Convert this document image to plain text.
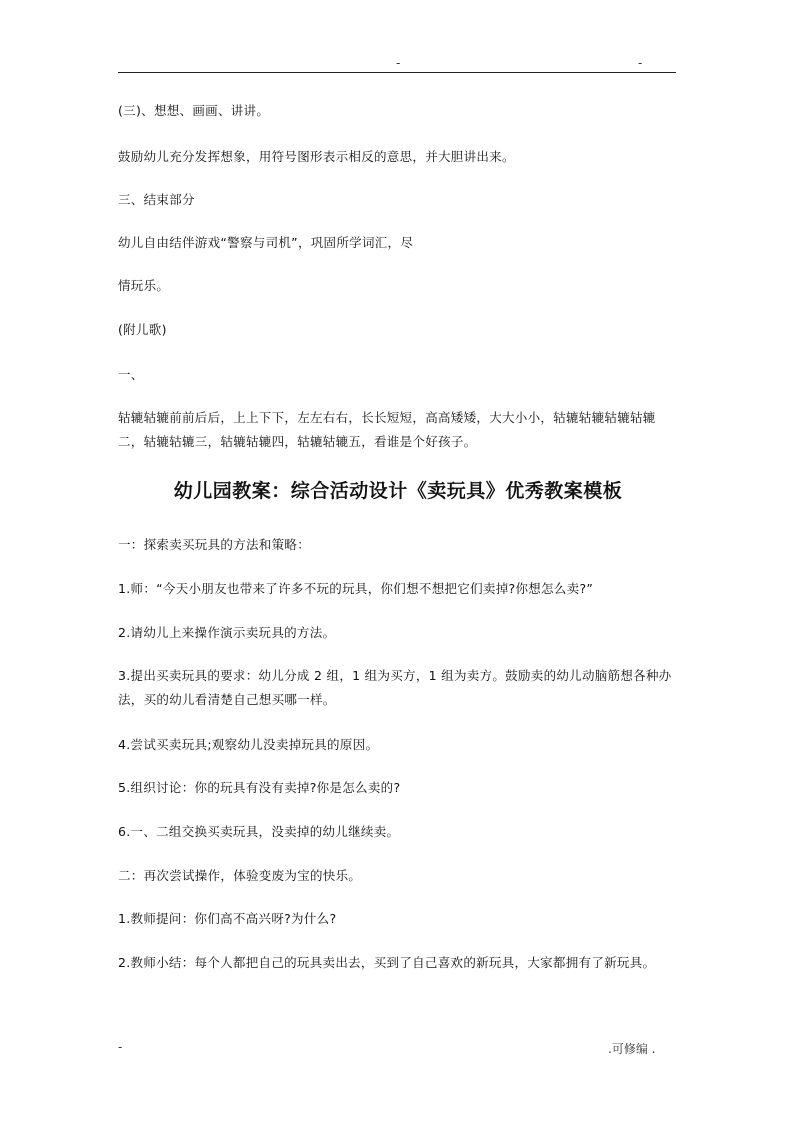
-	-
(三)、想想、画画、讲讲。
鼓励幼儿充分发挥想象，用符号图形表示相反的意思，并大胆讲出来。
三、结束部分
幼儿自由结伴游戏“警察与司机”，巩固所学词汇，尽
情玩乐。
(附儿歌)
一、
轱辘轱辘前前后后，上上下下，左左右右，长长短短，高高矮矮，大大小小，轱辘轱辘轱辘轱辘二，轱辘轱辘三，轱辘轱辘四，轱辘轱辘五，看谁是个好孩子。
幼儿园教案：综合活动设计《卖玩具》优秀教案模板
一：探索卖买玩具的方法和策略：
1.师：“今天小朋友也带来了许多不玩的玩具，你们想不想把它们卖掉?你想怎么卖?”
2.请幼儿上来操作演示卖玩具的方法。
3.提出买卖玩具的要求：幼儿分成 2 组，1 组为买方，1 组为卖方。鼓励卖的幼儿动脑筋想各种办法，买的幼儿看清楚自己想买哪一样。
4.尝试买卖玩具;观察幼儿没卖掉玩具的原因。
5.组织讨论：你的玩具有没有卖掉?你是怎么卖的?
6.一、二组交换买卖玩具，没卖掉的幼儿继续卖。
二：再次尝试操作，体验变废为宝的快乐。
1.教师提问：你们高不高兴呀?为什么?
2.教师小结：每个人都把自己的玩具卖出去，买到了自己喜欢的新玩具，大家都拥有了新玩具。
-	.可修编 .
